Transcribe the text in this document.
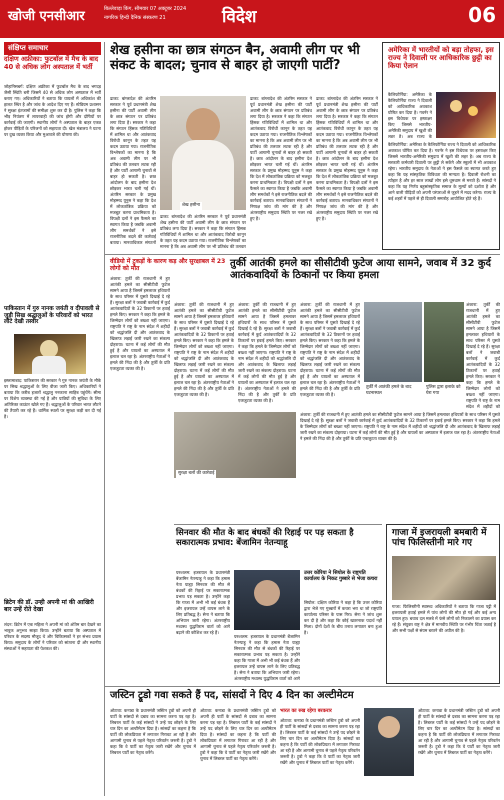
खोजी एनसीआर	बिल्लेवाड़ा किंग, सीमवार 07 अक्टूबर 2024
नागरिक हिन्दी दैनिक संस्करण 21	विदेश	06
संक्षिप्त समाचार
दक्षिण अफ्रीका: फुटबॉल में मैच के बाद 40 से अधिक लोग अस्पताल में भर्ती
जोहानिसबर्ग: दक्षिण अफ्रीका में फुटबॉल मैच के बाद भगदड़ जैसी स्थिति बनी जिसमें 40 से अधिक लोग अस्पताल में भर्ती कराए गए। अधिकारियों ने बताया कि घायलों में अधिकांश की हालत स्थिर है और जांच के आदेश दिए गए हैं। स्टेडियम प्रशासन ने सुरक्षा इंतजामों की समीक्षा शुरू कर दी है। पुलिस ने कहा कि भीड़ नियंत्रण में लापरवाही की जांच होगी और दोषियों पर कार्रवाई की जाएगी। स्थानीय लोगों ने अस्पताल के बाहर एकत्र होकर पीड़ितों के परिजनों को सहायता दी। खेल मंत्रालय ने घटना पर दुख व्यक्त किया और मुआवजे की घोषणा की।
पाकिस्तान में गुरु नानक जयंती व दीपावली से जुड़ी सिख श्रद्धालुओं के परिवारों को भारत लौटे देखी तस्वीर
इस्लामाबाद: पाकिस्तान की सरकार ने गुरु नानक जयंती के मौके पर सिख श्रद्धालुओं के लिए वीजा जारी किए। अधिकारियों ने बताया कि करीब हजारों श्रद्धालु ननकाना साहिब पहुंचेंगे। सीमा पर विशेष व्यवस्था की गई है और यात्रियों की सुविधा के लिए अतिरिक्त काउंटर खोले गए हैं। श्रद्धालुओं के परिवार भारत लौटने की तैयारी कर रहे हैं। धार्मिक स्थलों पर सुरक्षा कड़ी कर दी गई है।
ब्रिटेन की डॉ. उन्ही अपनी मां की आखिरी बार उन्हें रोते देखा
लंदन: ब्रिटेन में एक महिला ने अपनी मां को अंतिम बार देखने का भावुक अनुभव साझा किया। उन्होंने बताया कि अस्पताल में परिवार के सदस्य मौजूद थे और चिकित्सकों ने हर संभव प्रयास किया। समुदाय के लोगों ने परिवार को सांत्वना दी और स्थानीय संस्थाओं ने सहायता की पेशकश की।
शेख हसीना का छात्र संगठन बैन, अवामी लीग पर भी संकट के बादल; चुनाव से बाहर हो जाएगी पार्टी?
ढाका: बांग्लादेश की अंतरिम सरकार ने पूर्व प्रधानमंत्री शेख हसीना की पार्टी अवामी लीग के छात्र संगठन पर प्रतिबंध लगा दिया है। सरकार ने कहा कि संगठन हिंसक गतिविधियों में शामिल था और आतंकवाद विरोधी कानून के तहत यह कदम उठाया गया। राजनीतिक विश्लेषकों का मानना है कि अब अवामी लीग पर भी प्रतिबंध की तलवार लटक रही है और पार्टी आगामी चुनावों से बाहर हो सकती है। छात्र आंदोलन के बाद हसीना देश छोड़कर भारत चली गई थीं। अंतरिम सरकार के प्रमुख मोहम्मद यूनुस ने कहा कि देश में लोकतांत्रिक प्रक्रिया को मजबूत करना प्राथमिकता है। विपक्षी दलों ने इस फैसले का स्वागत किया है जबकि अवामी लीग समर्थकों ने इसे राजनीतिक बदले की कार्रवाई बताया। मानवाधिकार संगठनों
शेख हसीना
ढाका: बांग्लादेश की अंतरिम सरकार ने पूर्व प्रधानमंत्री शेख हसीना की पार्टी अवामी लीग के छात्र संगठन पर प्रतिबंध लगा दिया है। सरकार ने कहा कि संगठन हिंसक गतिविधियों में शामिल था और आतंकवाद विरोधी कानून के तहत यह कदम उठाया गया। राजनीतिक विश्लेषकों का मानना है कि अब अवामी लीग पर भी प्रतिबंध की तलवार
ढाका: बांग्लादेश की अंतरिम सरकार ने पूर्व प्रधानमंत्री शेख हसीना की पार्टी अवामी लीग के छात्र संगठन पर प्रतिबंध लगा दिया है। सरकार ने कहा कि संगठन हिंसक गतिविधियों में शामिल था और आतंकवाद विरोधी कानून के तहत यह कदम उठाया गया। राजनीतिक विश्लेषकों का मानना है कि अब अवामी लीग पर भी प्रतिबंध की तलवार लटक रही है और पार्टी आगामी चुनावों से बाहर हो सकती है। छात्र आंदोलन के बाद हसीना देश छोड़कर भारत चली गई थीं। अंतरिम सरकार के प्रमुख मोहम्मद यूनुस ने कहा कि देश में लोकतांत्रिक प्रक्रिया को मजबूत करना प्राथमिकता है। विपक्षी दलों ने इस फैसले का स्वागत किया है जबकि अवामी लीग समर्थकों ने इसे राजनीतिक बदले की कार्रवाई बताया। मानवाधिकार संगठनों ने निष्पक्ष जांच की मांग की है और अंतरराष्ट्रीय समुदाय स्थिति पर नजर रखे हुए है।
ढाका: बांग्लादेश की अंतरिम सरकार ने पूर्व प्रधानमंत्री शेख हसीना की पार्टी अवामी लीग के छात्र संगठन पर प्रतिबंध लगा दिया है। सरकार ने कहा कि संगठन हिंसक गतिविधियों में शामिल था और आतंकवाद विरोधी कानून के तहत यह कदम उठाया गया। राजनीतिक विश्लेषकों का मानना है कि अब अवामी लीग पर भी प्रतिबंध की तलवार लटक रही है और पार्टी आगामी चुनावों से बाहर हो सकती है। छात्र आंदोलन के बाद हसीना देश छोड़कर भारत चली गई थीं। अंतरिम सरकार के प्रमुख मोहम्मद यूनुस ने कहा कि देश में लोकतांत्रिक प्रक्रिया को मजबूत करना प्राथमिकता है। विपक्षी दलों ने इस फैसले का स्वागत किया है जबकि अवामी लीग समर्थकों ने इसे राजनीतिक बदले की कार्रवाई बताया। मानवाधिकार संगठनों ने निष्पक्ष जांच की मांग की है और अंतरराष्ट्रीय समुदाय स्थिति पर नजर रखे हुए है।
अमेरिका में भारतीयों को बड़ा तोहफा, इस राज्य ने दिवाली पर आधिकारिक छुट्टी का किया ऐलान
कैलिफोर्निया: अमेरिका के कैलिफोर्निया राज्य ने दिवाली को आधिकारिक अवकाश घोषित कर दिया है। गवर्नर ने इस विधेयक पर हस्ताक्षर किए जिससे भारतीय-अमेरिकी समुदाय में खुशी की लहर है। अब राज्य के
कैलिफोर्निया: अमेरिका के कैलिफोर्निया राज्य ने दिवाली को आधिकारिक अवकाश घोषित कर दिया है। गवर्नर ने इस विधेयक पर हस्ताक्षर किए जिससे भारतीय-अमेरिकी समुदाय में खुशी की लहर है। अब राज्य के सरकारी कर्मचारी दिवाली पर छुट्टी ले सकेंगे और स्कूलों में भी अवकाश रहेगा। भारतीय समुदाय के नेताओं ने इस फैसले का स्वागत करते हुए कहा कि यह सांस्कृतिक विविधता की मान्यता है। दिवाली रोशनी का त्योहार है और हर साल लाखों लोग इसे धूमधाम से मनाते हैं। सांसदों ने कहा कि यह निर्णय बहुसांस्कृतिक समाज के मूल्यों को दर्शाता है और आने वाली पीढ़ियों को अपनी परंपराओं से जुड़ने में मदद करेगा। राज्य के कई शहरों में पहले से ही दिवाली समारोह आयोजित होते रहे हैं।
वीडियो में टुकड़ों के कारण कड़ और सुरक्षाबल में 23 लोगों को मौत
अंकारा: तुर्की की राजधानी में हुए आतंकी हमले का सीसीटीवी फुटेज सामने आया है जिसमें हमलावर हथियारों के साथ परिसर में घुसते दिखाई दे रहे हैं। सुरक्षा बलों ने जवाबी कार्रवाई में कुर्द आतंकवादियों के 32 ठिकानों पर हवाई हमले किए। सरकार ने कहा कि हमले के जिम्मेदार लोगों को बख्शा नहीं जाएगा। राष्ट्रपति ने राष्ट्र के नाम संदेश में शहीदों को श्रद्धांजलि दी और आतंकवाद के खिलाफ लड़ाई जारी रखने का संकल्प दोहराया। घटना में कई लोगों की मौत हुई है और घायलों का अस्पताल में इलाज चल रहा है। अंतरराष्ट्रीय नेताओं ने हमले की निंदा की है और तुर्की के प्रति एकजुटता व्यक्त की है।
तुर्की आतंकी हमले का सीसीटीवी फुटेज आया सामने, जवाब में 32 कुर्द आतंकवादियों के ठिकानों पर किया हमला
अंकारा: तुर्की की राजधानी में हुए आतंकी हमले का सीसीटीवी फुटेज सामने आया है जिसमें हमलावर हथियारों के साथ परिसर में घुसते दिखाई दे रहे हैं। सुरक्षा बलों ने जवाबी कार्रवाई में कुर्द आतंकवादियों के 32 ठिकानों पर हवाई हमले किए। सरकार ने कहा कि हमले के जिम्मेदार लोगों को बख्शा नहीं जाएगा। राष्ट्रपति ने राष्ट्र के नाम संदेश में शहीदों को श्रद्धांजलि दी और आतंकवाद के खिलाफ लड़ाई जारी रखने का संकल्प दोहराया। घटना में कई लोगों की मौत हुई है और घायलों का अस्पताल में इलाज चल रहा है। अंतरराष्ट्रीय नेताओं ने हमले की निंदा की है और तुर्की के प्रति एकजुटता व्यक्त की है।
अंकारा: तुर्की की राजधानी में हुए आतंकी हमले का सीसीटीवी फुटेज सामने आया है जिसमें हमलावर हथियारों के साथ परिसर में घुसते दिखाई दे रहे हैं। सुरक्षा बलों ने जवाबी कार्रवाई में कुर्द आतंकवादियों के 32 ठिकानों पर हवाई हमले किए। सरकार ने कहा कि हमले के जिम्मेदार लोगों को बख्शा नहीं जाएगा। राष्ट्रपति ने राष्ट्र के नाम संदेश में शहीदों को श्रद्धांजलि दी और आतंकवाद के खिलाफ लड़ाई जारी रखने का संकल्प दोहराया। घटना में कई लोगों की मौत हुई है और घायलों का अस्पताल में इलाज चल रहा है। अंतरराष्ट्रीय नेताओं ने हमले की निंदा की है और तुर्की के प्रति एकजुटता व्यक्त की है।
अंकारा: तुर्की की राजधानी में हुए आतंकी हमले का सीसीटीवी फुटेज सामने आया है जिसमें हमलावर हथियारों के साथ परिसर में घुसते दिखाई दे रहे हैं। सुरक्षा बलों ने जवाबी कार्रवाई में कुर्द आतंकवादियों के 32 ठिकानों पर हवाई हमले किए। सरकार ने कहा कि हमले के जिम्मेदार लोगों को बख्शा नहीं जाएगा। राष्ट्रपति ने राष्ट्र के नाम संदेश में शहीदों को श्रद्धांजलि दी और आतंकवाद के खिलाफ लड़ाई जारी रखने का संकल्प दोहराया। घटना में कई लोगों की मौत हुई है और घायलों का अस्पताल में इलाज चल रहा है। अंतरराष्ट्रीय नेताओं ने हमले की निंदा की है और तुर्की के प्रति एकजुटता व्यक्त की है।
अंकारा: तुर्की की राजधानी में हुए आतंकी हमले का सीसीटीवी फुटेज सामने आया है जिसमें हमलावर हथियारों के साथ परिसर में घुसते दिखाई दे रहे हैं। सुरक्षा बलों ने जवाबी कार्रवाई में कुर्द आतंकवादियों के 32 ठिकानों पर हवाई हमले किए। सरकार ने कहा कि हमले के जिम्मेदार लोगों को बख्शा नहीं जाएगा। राष्ट्रपति ने राष्ट्र के नाम संदेश में शहीदों को
तुर्की में आतंकी हमले के बाद घटनास्थल
पुलिस द्वारा इलाके को घेरा गया
सुरक्षा बलों की कार्रवाई
अंकारा: तुर्की की राजधानी में हुए आतंकी हमले का सीसीटीवी फुटेज सामने आया है जिसमें हमलावर हथियारों के साथ परिसर में घुसते दिखाई दे रहे हैं। सुरक्षा बलों ने जवाबी कार्रवाई में कुर्द आतंकवादियों के 32 ठिकानों पर हवाई हमले किए। सरकार ने कहा कि हमले के जिम्मेदार लोगों को बख्शा नहीं जाएगा। राष्ट्रपति ने राष्ट्र के नाम संदेश में शहीदों को श्रद्धांजलि दी और आतंकवाद के खिलाफ लड़ाई जारी रखने का संकल्प दोहराया। घटना में कई लोगों की मौत हुई है और घायलों का अस्पताल में इलाज चल रहा है। अंतरराष्ट्रीय नेताओं ने हमले की निंदा की है और तुर्की के प्रति एकजुटता व्यक्त की है।
सिनवार की मौत के बाद बंधकों की रिहाई पर पड़ सकता है सकारात्मक प्रभाव: बेंजामिन नेतन्याहू
यरुशलम: इजरायल के प्रधानमंत्री बेंजामिन नेतन्याहू ने कहा कि हमास नेता याह्या सिनवार की मौत से बंधकों की रिहाई पर सकारात्मक प्रभाव पड़ सकता है। उन्होंने कहा कि गाजा में अभी भी कई बंधक हैं और इजरायल उन्हें वापस लाने के लिए प्रतिबद्ध है। सेना ने बताया कि अभियान जारी रहेगा। अंतरराष्ट्रीय मध्यस्थ युद्धविराम वार्ता को आगे बढ़ाने की कोशिश कर रहे हैं।
यरुशलम: इजरायल के प्रधानमंत्री बेंजामिन नेतन्याहू ने कहा कि हमास नेता याह्या सिनवार की मौत से बंधकों की रिहाई पर सकारात्मक प्रभाव पड़ सकता है। उन्होंने कहा कि गाजा में अभी भी कई बंधक हैं और इजरायल उन्हें वापस लाने के लिए प्रतिबद्ध है। सेना ने बताया कि अभियान जारी रहेगा। अंतरराष्ट्रीय मध्यस्थ युद्धविराम वार्ता को आगे
उत्तर कोरिया ने सियोल के राष्ट्रपति कार्यालय के निकट गुब्बारे से भेजा कचरा
सियोल: दक्षिण कोरिया ने कहा है कि उत्तर कोरिया द्वारा भेजे गए गुब्बारों में कचरा भरा था जो राष्ट्रपति कार्यालय परिसर के पास गिरा। सेना ने जांच शुरू कर दी है और कहा कि कोई खतरनाक पदार्थ नहीं मिला। दोनों देशों के बीच तनाव लगातार बना हुआ है।
गाजा में इजरायली बमबारी में पांच फिलिस्तीनी मारे गए
गाजा: फिलिस्तीनी स्वास्थ्य अधिकारियों ने बताया कि गाजा पट्टी में इजरायली हवाई हमले में पांच लोगों की मौत हो गई और कई अन्य घायल हुए। बचाव दल मलबे में फंसे लोगों को निकालने का प्रयास कर रहे हैं। संयुक्त राष्ट्र ने क्षेत्र में मानवीय स्थिति पर गंभीर चिंता जताई है और सभी पक्षों से संयम बरतने की अपील की है।
जस्टिन ट्रूडो गवा सकते हैं पद, सांसदों ने दिए 4 दिन का अल्टीमेटम
ओटावा: कनाडा के प्रधानमंत्री जस्टिन ट्रूडो को अपनी ही पार्टी के सांसदों से दबाव का सामना करना पड़ रहा है। लिबरल पार्टी के कई सांसदों ने उन्हें पद छोड़ने के लिए चार दिन का अल्टीमेटम दिया है। सांसदों का कहना है कि पार्टी की लोकप्रियता में लगातार गिरावट आ रही है और आगामी चुनाव से पहले नेतृत्व परिवर्तन जरूरी है। ट्रूडो ने कहा कि वे पार्टी का नेतृत्व जारी रखेंगे और चुनाव में लिबरल पार्टी का नेतृत्व करेंगे।
ओटावा: कनाडा के प्रधानमंत्री जस्टिन ट्रूडो को अपनी ही पार्टी के सांसदों से दबाव का सामना करना पड़ रहा है। लिबरल पार्टी के कई सांसदों ने उन्हें पद छोड़ने के लिए चार दिन का अल्टीमेटम दिया है। सांसदों का कहना है कि पार्टी की लोकप्रियता में लगातार गिरावट आ रही है और आगामी चुनाव से पहले नेतृत्व परिवर्तन जरूरी है। ट्रूडो ने कहा कि वे पार्टी का नेतृत्व जारी रखेंगे और चुनाव में लिबरल पार्टी का नेतृत्व करेंगे।
भारत का रुख रहेगा बरकरार
ओटावा: कनाडा के प्रधानमंत्री जस्टिन ट्रूडो को अपनी ही पार्टी के सांसदों से दबाव का सामना करना पड़ रहा है। लिबरल पार्टी के कई सांसदों ने उन्हें पद छोड़ने के लिए चार दिन का अल्टीमेटम दिया है। सांसदों का कहना है कि पार्टी की लोकप्रियता में लगातार गिरावट आ रही है और आगामी चुनाव से पहले नेतृत्व परिवर्तन जरूरी है। ट्रूडो ने कहा कि वे पार्टी का नेतृत्व जारी रखेंगे और चुनाव में लिबरल पार्टी का नेतृत्व करेंगे।
ओटावा: कनाडा के प्रधानमंत्री जस्टिन ट्रूडो को अपनी ही पार्टी के सांसदों से दबाव का सामना करना पड़ रहा है। लिबरल पार्टी के कई सांसदों ने उन्हें पद छोड़ने के लिए चार दिन का अल्टीमेटम दिया है। सांसदों का कहना है कि पार्टी की लोकप्रियता में लगातार गिरावट आ रही है और आगामी चुनाव से पहले नेतृत्व परिवर्तन जरूरी है। ट्रूडो ने कहा कि वे पार्टी का नेतृत्व जारी रखेंगे और चुनाव में लिबरल पार्टी का नेतृत्व करेंगे।
